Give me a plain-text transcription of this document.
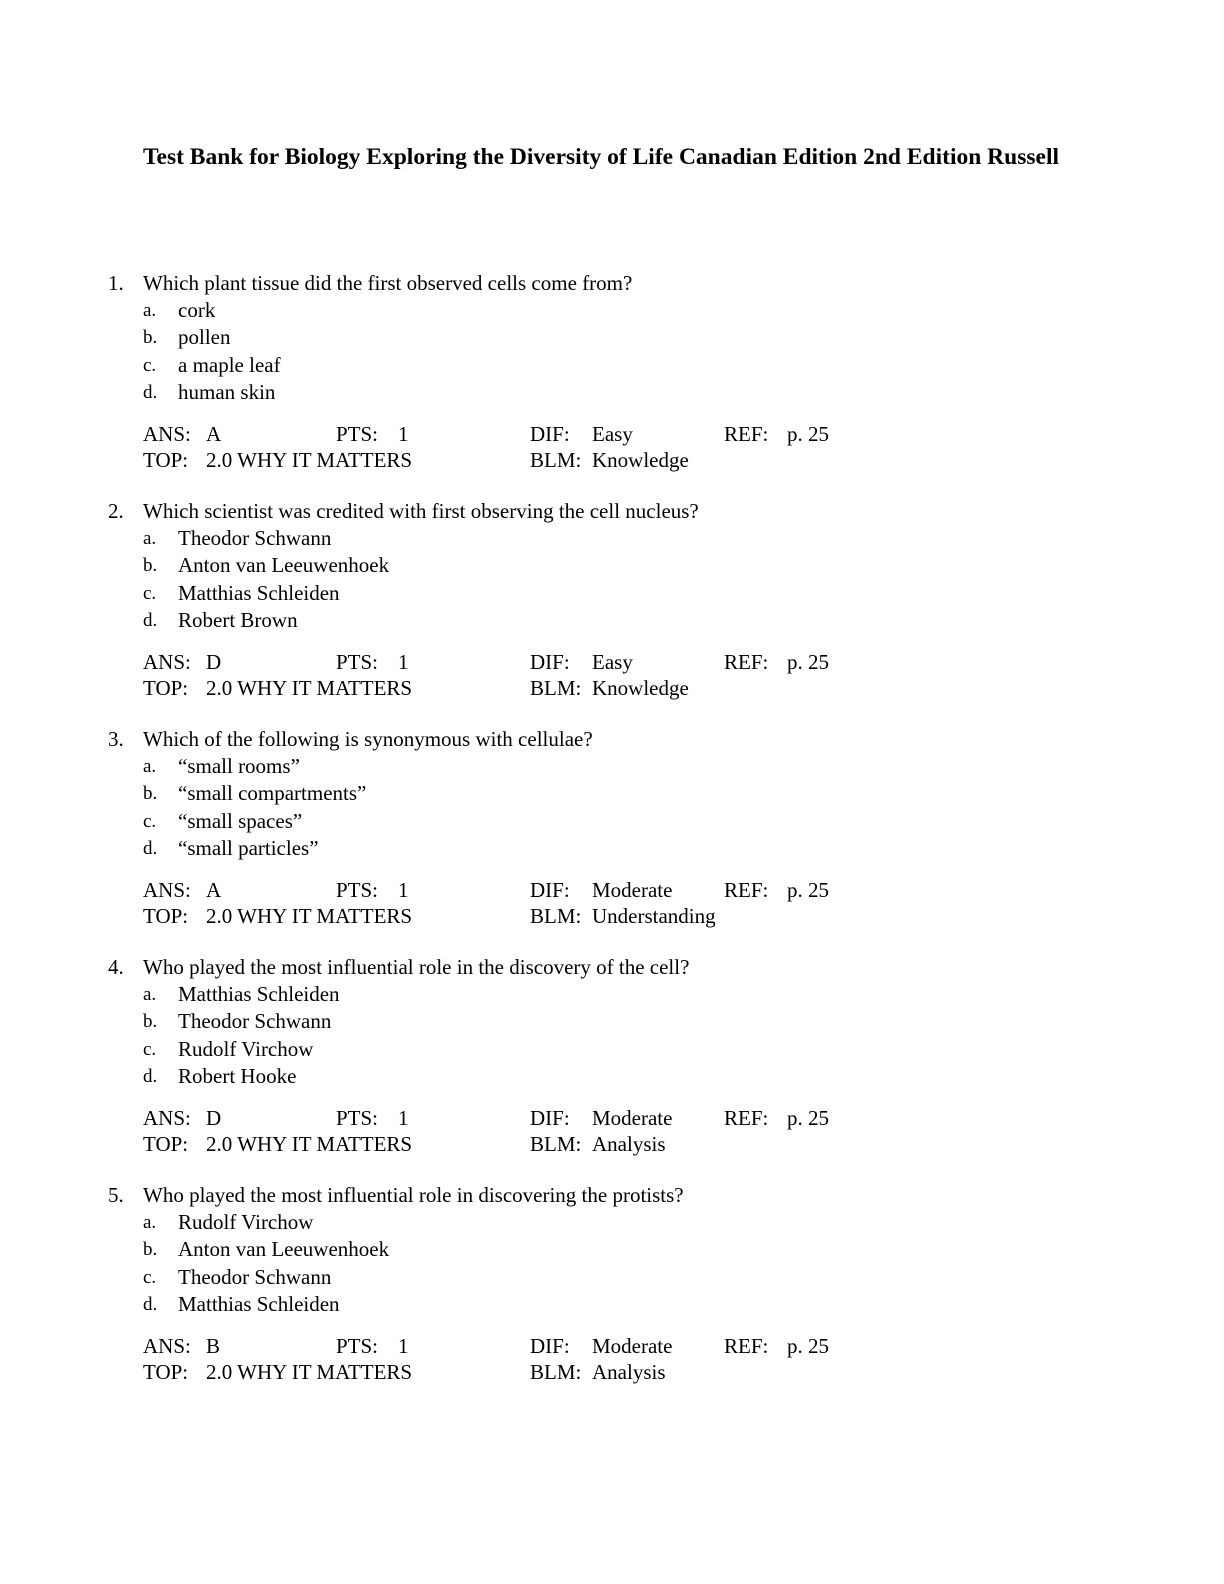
Test Bank for Biology Exploring the Diversity of Life Canadian Edition 2nd Edition Russell
1. Which plant tissue did the first observed cells come from?
a. cork
b. pollen
c. a maple leaf
d. human skin
ANS: A	PTS: 1	DIF: Easy	REF: p. 25
TOP: 2.0 WHY IT MATTERS	BLM: Knowledge
2. Which scientist was credited with first observing the cell nucleus?
a. Theodor Schwann
b. Anton van Leeuwenhoek
c. Matthias Schleiden
d. Robert Brown
ANS: D	PTS: 1	DIF: Easy	REF: p. 25
TOP: 2.0 WHY IT MATTERS	BLM: Knowledge
3. Which of the following is synonymous with cellulae?
a. “small rooms”
b. “small compartments”
c. “small spaces”
d. “small particles”
ANS: A	PTS: 1	DIF: Moderate REF: p. 25
TOP: 2.0 WHY IT MATTERS	BLM: Understanding
4. Who played the most influential role in the discovery of the cell?
a. Matthias Schleiden
b. Theodor Schwann
c. Rudolf Virchow
d. Robert Hooke
ANS: D	PTS: 1	DIF: Moderate REF: p. 25
TOP: 2.0 WHY IT MATTERS	BLM: Analysis
5. Who played the most influential role in discovering the protists?
a. Rudolf Virchow
b. Anton van Leeuwenhoek
c. Theodor Schwann
d. Matthias Schleiden
ANS: B	PTS: 1	DIF: Moderate REF: p. 25
TOP: 2.0 WHY IT MATTERS	BLM: Analysis
